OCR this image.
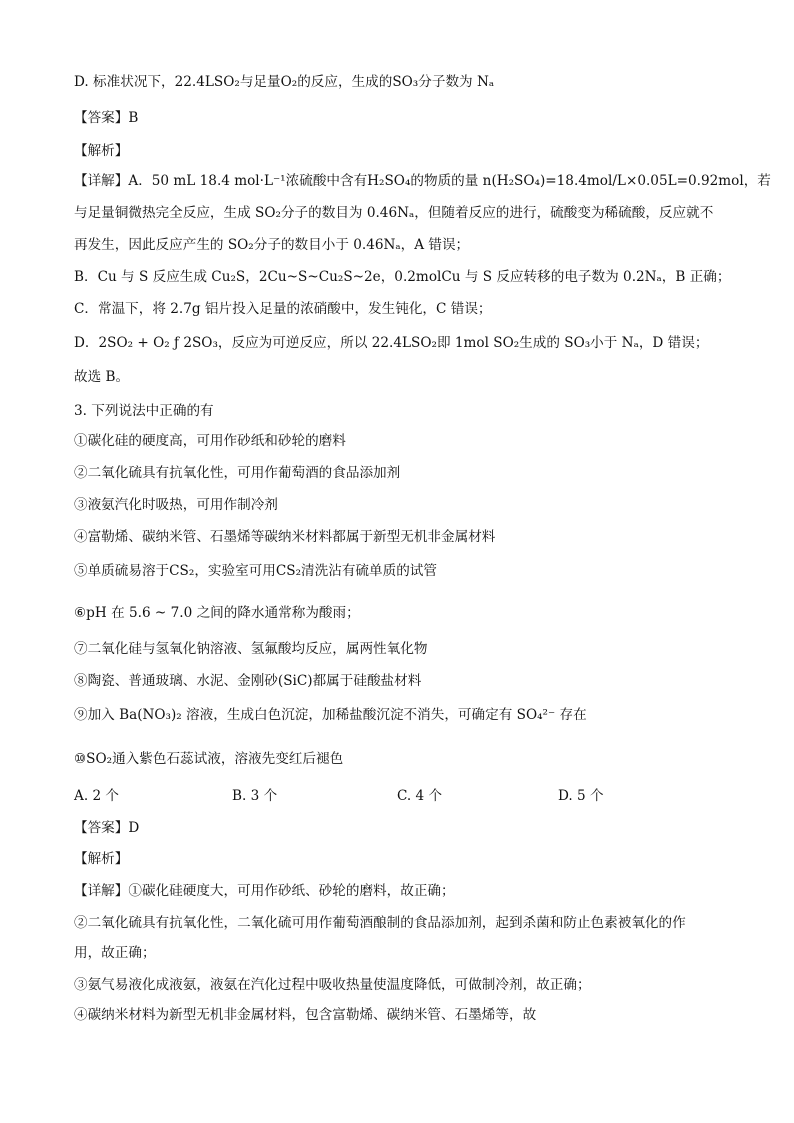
D. 标准状况下，22.4LSO₂与足量O₂的反应，生成的SO₃分子数为 Nₐ
【答案】B
【解析】
【详解】A．50 mL 18.4 mol·L⁻¹浓硫酸中含有H₂SO₄的物质的量 n(H₂SO₄)=18.4mol/L×0.05L=0.92mol，若
与足量铜微热完全反应，生成 SO₂分子的数目为 0.46Nₐ，但随着反应的进行，硫酸变为稀硫酸，反应就不
再发生，因此反应产生的 SO₂分子的数目小于 0.46Nₐ，A 错误；
B．Cu 与 S 反应生成 Cu₂S，2Cu~S~Cu₂S~2e，0.2molCu 与 S 反应转移的电子数为 0.2Nₐ，B 正确；
C．常温下，将 2.7g 铝片投入足量的浓硝酸中，发生钝化，C 错误；
D．2SO₂ + O₂ ƒ 2SO₃，反应为可逆反应，所以 22.4LSO₂即 1mol SO₂生成的 SO₃小于 Nₐ，D 错误；
故选 B。
3. 下列说法中正确的有
①碳化硅的硬度高，可用作砂纸和砂轮的磨料
②二氧化硫具有抗氧化性，可用作葡萄酒的食品添加剂
③液氨汽化时吸热，可用作制冷剂
④富勒烯、碳纳米管、石墨烯等碳纳米材料都属于新型无机非金属材料
⑤单质硫易溶于CS₂，实验室可用CS₂清洗沾有硫单质的试管
⑥pH 在 5.6 ~ 7.0 之间的降水通常称为酸雨；
⑦二氧化硅与氢氧化钠溶液、氢氟酸均反应，属两性氧化物
⑧陶瓷、普通玻璃、水泥、金刚砂(SiC)都属于硅酸盐材料
⑨加入 Ba(NO₃)₂ 溶液，生成白色沉淀，加稀盐酸沉淀不消失，可确定有 SO₄²⁻ 存在
⑩SO₂通入紫色石蕊试液，溶液先变红后褪色
A. 2 个	B. 3 个	C. 4 个	D. 5 个
【答案】D
【解析】
【详解】①碳化硅硬度大，可用作砂纸、砂轮的磨料，故正确；
②二氧化硫具有抗氧化性，二氧化硫可用作葡萄酒酿制的食品添加剂，起到杀菌和防止色素被氧化的作
用，故正确；
③氨气易液化成液氨，液氨在汽化过程中吸收热量使温度降低，可做制冷剂，故正确；
④碳纳米材料为新型无机非金属材料，包含富勒烯、碳纳米管、石墨烯等，故
